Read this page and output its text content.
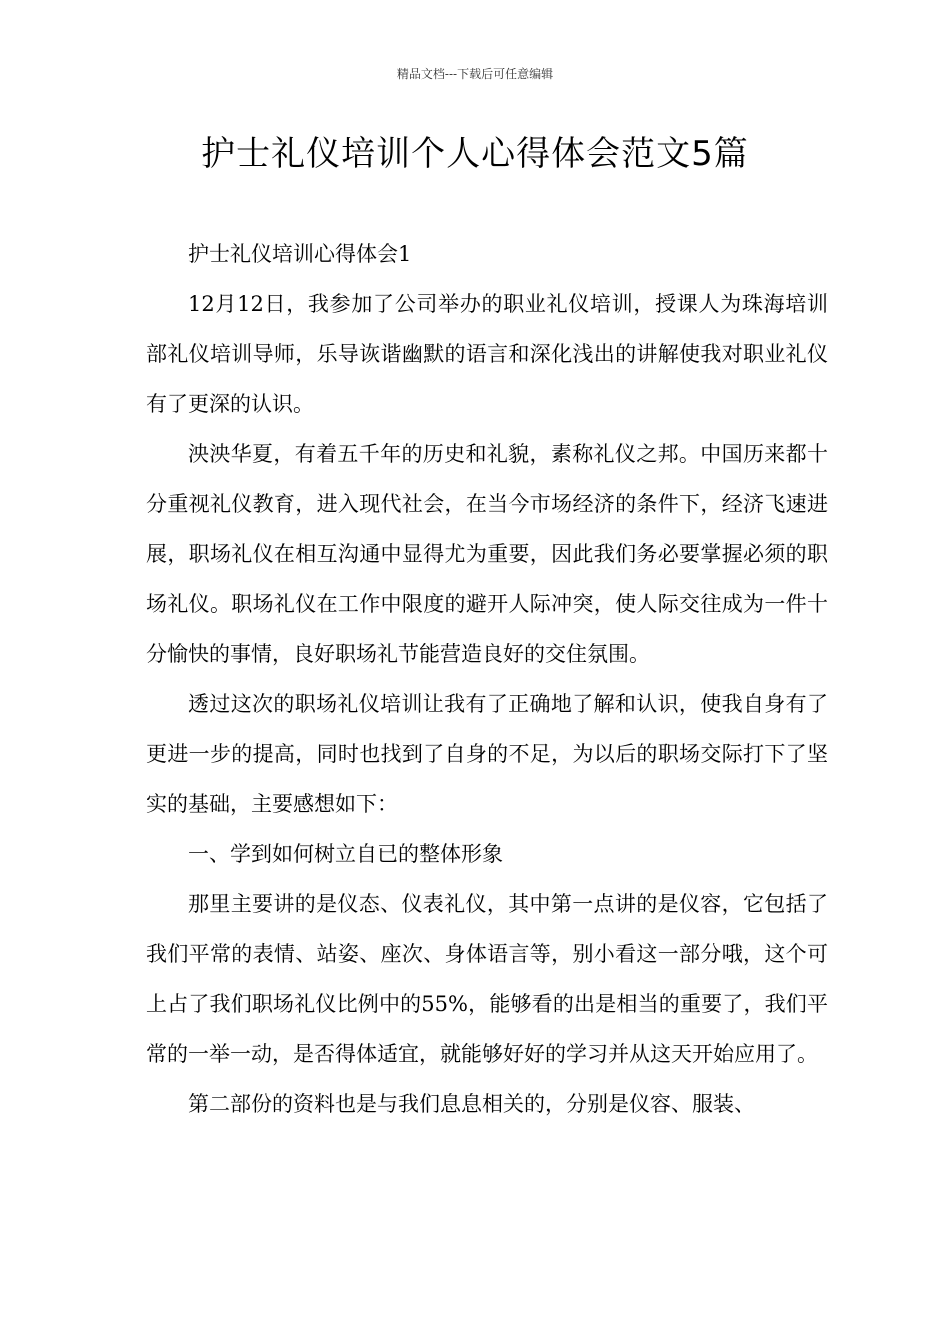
精品文档---下载后可任意编辑
护士礼仪培训个人心得体会范文5篇

护士礼仪培训心得体会1

12月12日，我参加了公司举办的职业礼仪培训，授课人为珠海培训部礼仪培训导师，乐导诙谐幽默的语言和深化浅出的讲解使我对职业礼仪有了更深的认识。

泱泱华夏，有着五千年的历史和礼貌，素称礼仪之邦。中国历来都十分重视礼仪教育，进入现代社会，在当今市场经济的条件下，经济飞速进展，职场礼仪在相互沟通中显得尤为重要，因此我们务必要掌握必须的职场礼仪。职场礼仪在工作中限度的避开人际冲突，使人际交往成为一件十分愉快的事情，良好职场礼节能营造良好的交住氛围。

透过这次的职场礼仪培训让我有了正确地了解和认识，使我自身有了更进一步的提高，同时也找到了自身的不足，为以后的职场交际打下了坚实的基础，主要感想如下：

一、学到如何树立自已的整体形象

那里主要讲的是仪态、仪表礼仪，其中第一点讲的是仪容，它包括了我们平常的表情、站姿、座次、身体语言等，别小看这一部分哦，这个可上占了我们职场礼仪比例中的55%，能够看的出是相当的重要了，我们平常的一举一动，是否得体适宜，就能够好好的学习并从这天开始应用了。

第二部份的资料也是与我们息息相关的，分别是仪容、服装、
